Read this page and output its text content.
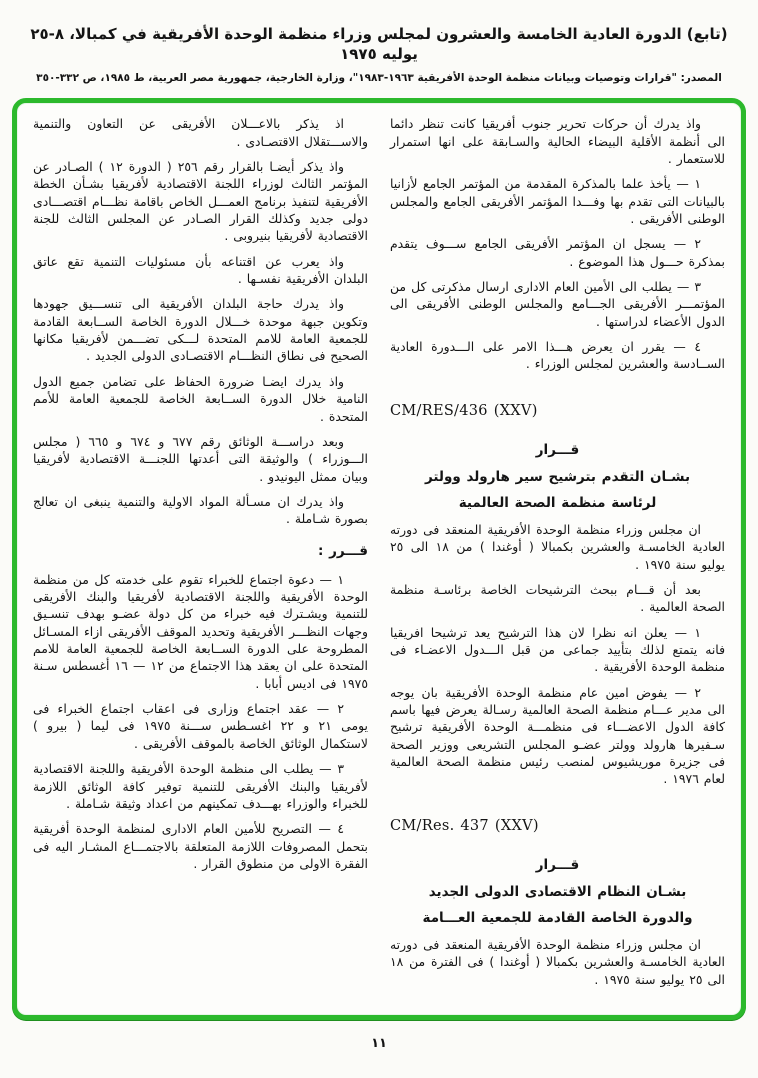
(تابع) الدورة العادية الخامسة والعشرون لمجلس وزراء منظمة الوحدة الأفريقية في كمبالا، ٨-٢٥ يوليه ١٩٧٥
المصدر: "قرارات وتوصيات وبيانات منظمة الوحدة الأفريقية ١٩٦٣-١٩٨٣"، وزارة الخارجية، جمهورية مصر العربية، ط ١٩٨٥، ص ٣٣٢-٣٥٠

واذ يدرك أن حركات تحرير جنوب أفريقيا كانت تنظر دائما الى أنظمة الأقلية البيضاء الحالية والسـابقة على انها استمرار للاستعمار .

١ — يأخذ علما بالمذكرة المقدمة من المؤتمر الجامع لأزانيا بالبيانات التى تقدم بها وفـــدا المؤتمر الأفريقى الجامع والمجلس الوطنى الأفريقى .

٢ — يسجل ان المؤتمر الأفريقى الجامع ســـوف يتقدم بمذكرة حـــول هذا الموضوع .

٣ — يطلب الى الأمين العام الادارى ارسال مذكرتى كل من المؤتمـــر الأفريقى الجـــامع والمجلس الوطنى الأفريقى الى الدول الأعضاء لدراستها .

٤ — يقرر ان يعرض هـــذا الامر على الـــدورة العادية الســادسة والعشرين لمجلس الوزراء .

CM/RES/436 (XXV)

قـــرار

بشـان التقدم بترشيح سير هارولد وولتر

لرئاسة منظمة الصحة العالمية

ان مجلس وزراء منظمة الوحدة الأفريقية المنعقد فى دورته العادية الخامسـة والعشرين بكمبالا ( أوغندا ) من ١٨ الى ٢٥ يوليو سنة ١٩٧٥ .

بعد أن قـــام ببحث الترشيحات الخاصة برئاسـة منظمة الصحة العالمية .

١ — يعلن انه نظرا لان هذا الترشيح يعد ترشيحا افريقيا فانه يتمتع لذلك بتأييد جماعى من قبل الـــدول الاعضـاء فى منظمة الوحدة الأفريقية .

٢ — يفوض امين عام منظمة الوحدة الأفريقية بان يوجه الى مدير عـــام منظمة الصحة العالمية رسـالة يعرض فيها باسم كافة الدول الاعضـــاء فى منظمـــة الوحدة الأفريقية ترشيح سـفيرها هارولد وولتر عضـو المجلس التشريعى ووزير الصحة فى جزيرة موريشيوس لمنصب رئيس منظمة الصحة العالمية لعام ١٩٧٦ .

CM/Res. 437 (XXV)

قـــرار

بشـان النظام الاقتصادى الدولى الجديد

والدورة الخاصة القادمة للجمعية العـــامة

ان مجلس وزراء منظمة الوحدة الأفريقية المنعقد فى دورته العادية الخامسـة والعشرين بكمبالا ( أوغندا ) فى الفترة من ١٨ الى ٢٥ يوليو سنة ١٩٧٥ .

اذ يذكر بالاعـــلان الأفريقى عن التعاون والتنمية والاســـتقلال الاقتصـادى .

واذ يذكر أيضـا بالقرار رقم ٢٥٦ ( الدورة ١٢ ) الصـادر عن المؤتمر الثالث لوزراء اللجنة الاقتصادية لأفريقيا بشـأن الخطة الأفريقية لتنفيذ برنامج العمـــل الخاص باقامة نظـــام اقتصـــادى دولى جديد وكذلك القرار الصـادر عن المجلس الثالث للجنة الاقتصادية لأفريقيا بنيروبى .

واذ يعرب عن اقتناعه بأن مسئوليات التنمية تقع عاتق البلدان الأفريقية نفسـها .

واذ يدرك حاجة البلدان الأفريقية الى تنســـيق جهودها وتكوين جبهة موحدة خـــلال الدورة الخاصة الســابعة القادمة للجمعية العامة للامم المتحدة لـــكى تضـــمن لأفريقيا مكانها الصحيح فى نطاق النظـــام الاقتصـادى الدولى الجديد .

واذ يدرك ايضـا ضرورة الحفاظ على تضامن جميع الدول النامية خلال الدورة الســابعة الخاصة للجمعية العامة للأمم المتحدة .

وبعد دراســـة الوثائق رقم ٦٧٧ و ٦٧٤ و ٦٦٥ ( مجلس الـــوزراء ) والوثيقة التى أعدتها اللجنـــة الاقتصادية لأفريقيا وبيان ممثل اليونيدو .

واذ يدرك ان مسـألة المواد الاولية والتنمية ينبغى ان تعالج بصورة شـاملة .

قـــرر :

١ — دعوة اجتماع للخبراء تقوم على خدمته كل من منظمة الوحدة الأفريقية واللجنة الاقتصادية لأفريقيا والبنك الأفريقى للتنمية ويشـترك فيه خبراء من كل دولة عضـو بهدف تنسـيق وجهات النظـــر الأفريقية وتحديد الموقف الأفريقى ازاء المسـائل المطروحة على الدورة الســابعة الخاصة للجمعية العامة للامم المتحدة على ان يعقد هذا الاجتماع من ١٢ — ١٦ أغسطس سـنة ١٩٧٥ فى اديس أبابا .

٢ — عقد اجتماع وزارى فى اعقاب اجتماع الخبراء فى يومى ٢١ و ٢٢ اغسـطس ســـنة ١٩٧٥ فى ليما ( بيرو ) لاستكمال الوثائق الخاصة بالموقف الأفريقى .

٣ — يطلب الى منظمة الوحدة الأفريقية واللجنة الاقتصادية لأفريقيا والبنك الأفريقى للتنمية توفير كافة الوثائق اللازمة للخبراء والوزراء بهـــدف تمكينهم من اعداد وثيقة شـاملة .

٤ — التصريح للأمين العام الادارى لمنظمة الوحدة أفريقية بتحمل المصروفات اللازمة المتعلقة بالاجتمـــاع المشـار اليه فى الفقرة الاولى من منطوق القرار .

١١
